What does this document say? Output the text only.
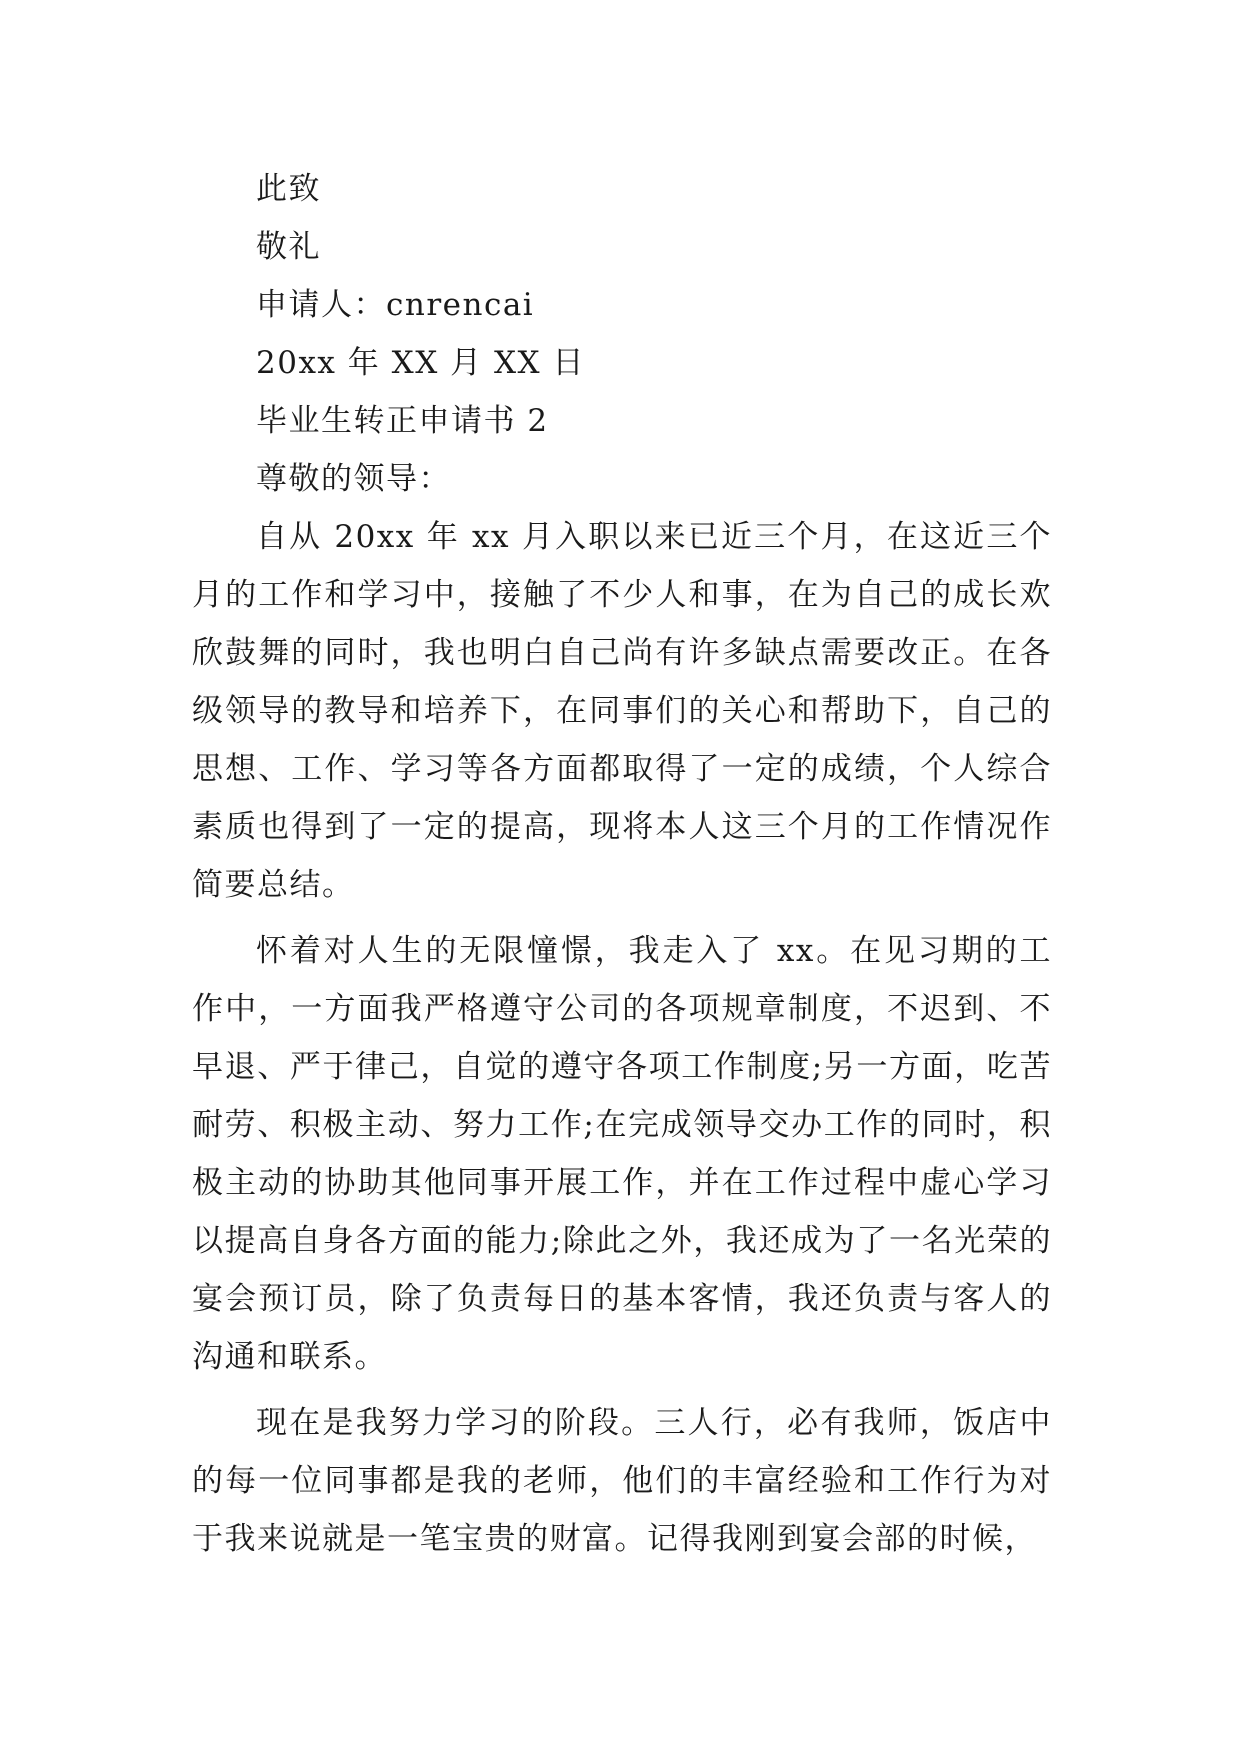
此致

敬礼

申请人：cnrencai

20xx 年 XX 月 XX 日

毕业生转正申请书 2

尊敬的领导：

自从 20xx 年 xx 月入职以来已近三个月，在这近三个月的工作和学习中，接触了不少人和事，在为自己的成长欢欣鼓舞的同时，我也明白自己尚有许多缺点需要改正。在各级领导的教导和培养下，在同事们的关心和帮助下，自己的思想、工作、学习等各方面都取得了一定的成绩，个人综合素质也得到了一定的提高，现将本人这三个月的工作情况作简要总结。

怀着对人生的无限憧憬，我走入了 xx。在见习期的工作中，一方面我严格遵守公司的各项规章制度，不迟到、不早退、严于律己，自觉的遵守各项工作制度;另一方面，吃苦耐劳、积极主动、努力工作;在完成领导交办工作的同时，积极主动的协助其他同事开展工作，并在工作过程中虚心学习以提高自身各方面的能力;除此之外，我还成为了一名光荣的宴会预订员，除了负责每日的基本客情，我还负责与客人的沟通和联系。

现在是我努力学习的阶段。三人行，必有我师，饭店中的每一位同事都是我的老师，他们的丰富经验和工作行为对于我来说就是一笔宝贵的财富。记得我刚到宴会部的时候，
